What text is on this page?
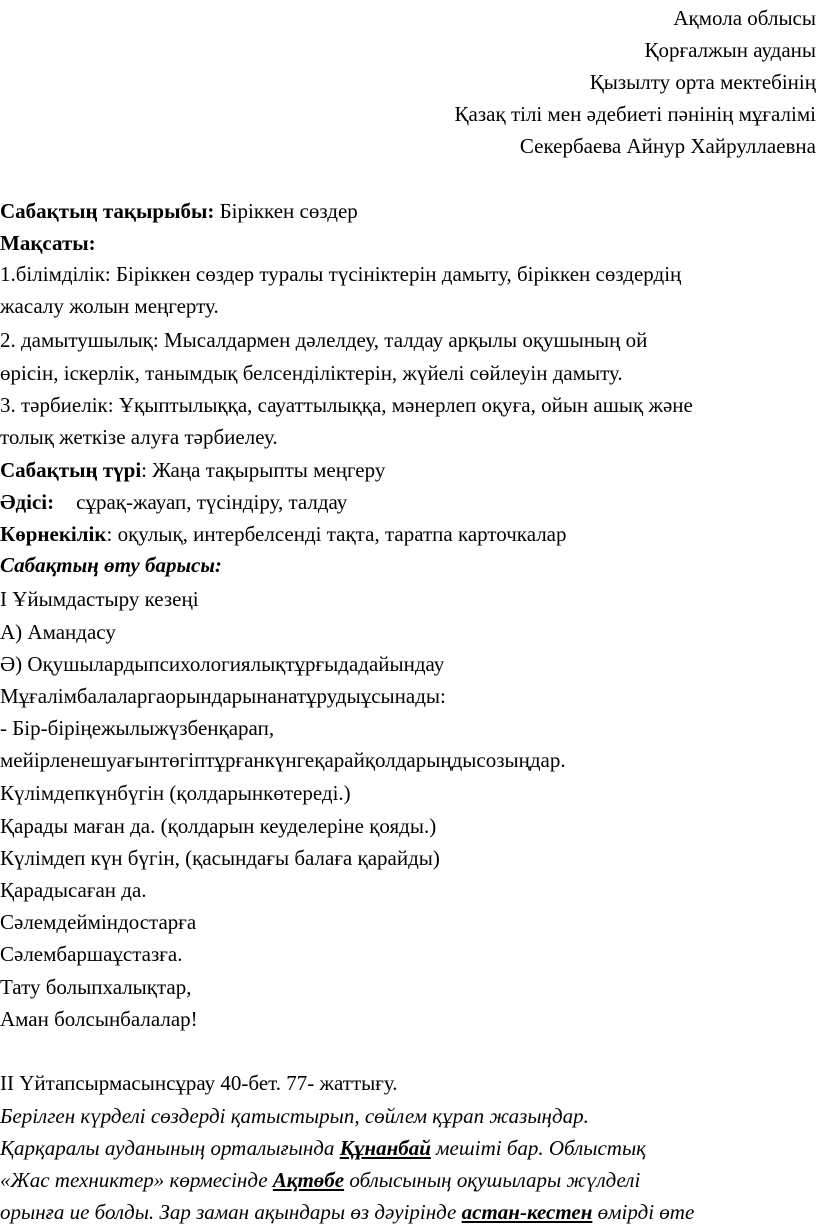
Ақмола облысы
Қорғалжын ауданы
Қызылту орта мектебінің
Қазақ тілі мен әдебиеті пәнінің мұғалімі
Секербаева Айнур Хайруллаевна
Сабақтың тақырыбы: Біріккен сөздер
Мақсаты:
1.білімділік: Біріккен сөздер туралы түсініктерін дамыту, біріккен сөздердің
жасалу жолын меңгерту.
2. дамытушылық: Мысалдармен дәлелдеу, талдау арқылы оқушының ой
өрісін, іскерлік, танымдық белсенділіктерін, жүйелі сөйлеуін дамыту.
3. тәрбиелік: Ұқыптылыққа, сауаттылыққа, мәнерлеп оқуға, ойын ашық және
толық жеткізе алуға тәрбиелеу.
Сабақтың түрі: Жаңа тақырыпты меңгеру
Әдісі: сұрақ-жауап, түсіндіру, талдау
Көрнекілік: оқулық, интербелсенді тақта, таратпа карточкалар
Сабақтың өту барысы:
І Ұйымдастыру кезеңі
А) Амандасу
Ә) Оқушылардыпсихологиялықтұрғыдадайындау
Мұғалімбалаларгаорындарынанатұрудыұсынады:
- Бір-біріңежылыжүзбенқарап,
мейірленешуағынтөгіптұрғанкүнгеқарайқолдарыңдысозыңдар.
Күлімдепкүнбүгін (қолдарынкөтереді.)
Қарады маған да. (қолдарын кеуделеріне қояды.)
Күлімдеп күн бүгін, (қасындағы балаға қарайды)
Қарадысаған да.
Сәлемдейміндостарға
Сәлембаршаұстазға.
Тату болыпхалықтар,
Аман болсынбалалар!
ІІ Үйтапсырмасынсұрау 40-бет. 77- жаттығу.
Берілген күрделі сөздерді қатыстырып, сөйлем құрап жазыңдар.
Қарқаралы ауданының орталығында Құнанбай мешіті бар. Облыстық
«Жас техниктер» көрмесінде Ақтөбе облысының оқушылары жүлделі
орынға ие болды. Зар заман ақындары өз дәуірінде астан-кестен өмірді өте
